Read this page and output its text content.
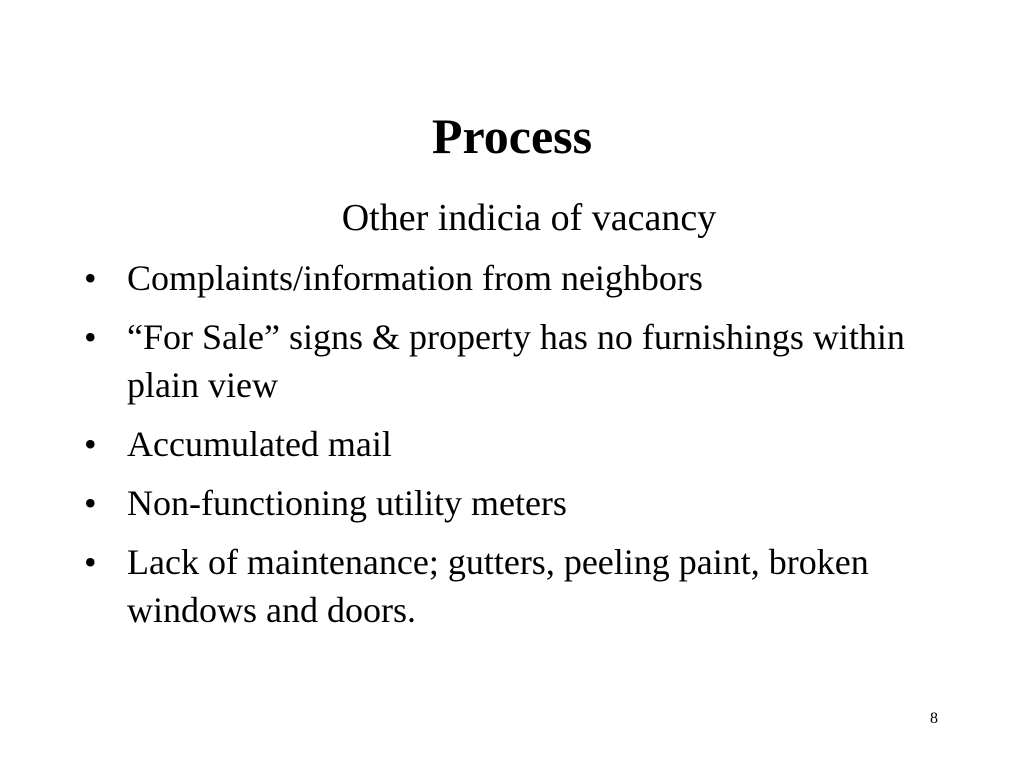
Process

Other indicia of vacancy

• Complaints/information from neighbors
• “For Sale” signs & property has no furnishings within plain view
• Accumulated mail
• Non-functioning utility meters
• Lack of maintenance; gutters, peeling paint, broken windows and doors.
8
